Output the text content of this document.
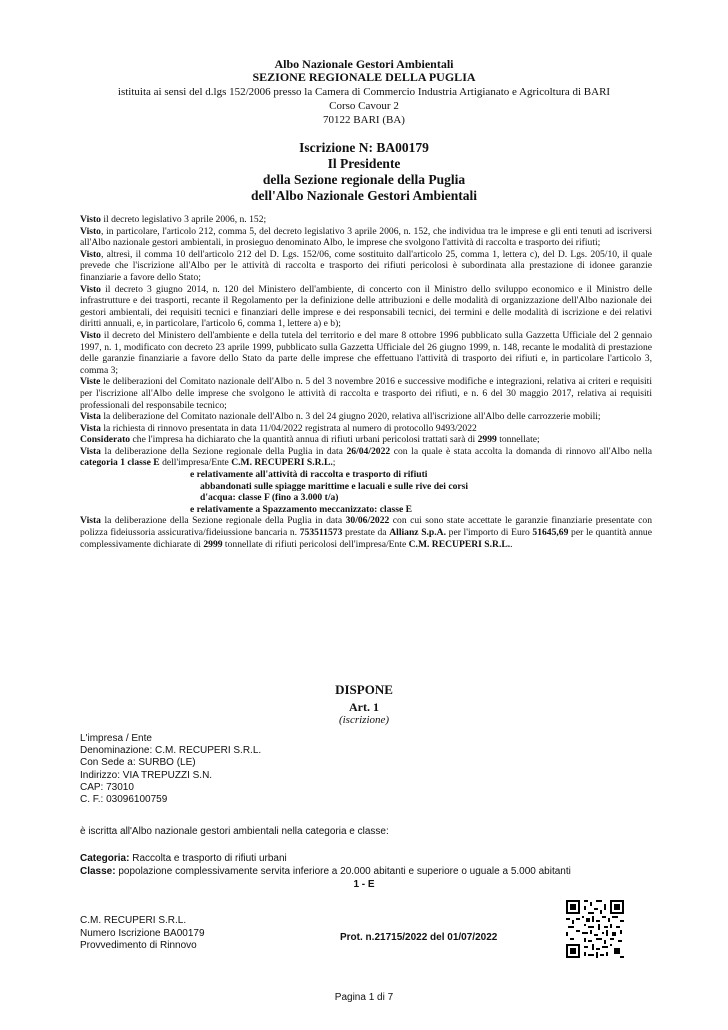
Albo Nazionale Gestori Ambientali
SEZIONE REGIONALE DELLA PUGLIA
istituita ai sensi del d.lgs 152/2006 presso la Camera di Commercio Industria Artigianato e Agricoltura di BARI
Corso Cavour 2
70122 BARI (BA)
Iscrizione N: BA00179
Il Presidente
della Sezione regionale della Puglia
dell'Albo Nazionale Gestori Ambientali

Visto il decreto legislativo 3 aprile 2006, n. 152;

Visto, in particolare, l'articolo 212, comma 5, del decreto legislativo 3 aprile 2006, n. 152, che individua tra le imprese e gli enti tenuti ad iscriversi all'Albo nazionale gestori ambientali, in prosieguo denominato Albo, le imprese che svolgono l'attività di raccolta e trasporto dei rifiuti;

Visto, altresì, il comma 10 dell'articolo 212 del D. Lgs. 152/06, come sostituito dall'articolo 25, comma 1, lettera c), del D. Lgs. 205/10, il quale prevede che l'iscrizione all'Albo per le attività di raccolta e trasporto dei rifiuti pericolosi è subordinata alla prestazione di idonee garanzie finanziarie a favore dello Stato;

Visto il decreto 3 giugno 2014, n. 120 del Ministero dell'ambiente, di concerto con il Ministro dello sviluppo economico e il Ministro delle infrastrutture e dei trasporti, recante il Regolamento per la definizione delle attribuzioni e delle modalità di organizzazione dell'Albo nazionale dei gestori ambientali, dei requisiti tecnici e finanziari delle imprese e dei responsabili tecnici, dei termini e delle modalità di iscrizione e dei relativi diritti annuali, e, in particolare, l'articolo 6, comma 1, lettere a) e b);

Visto il decreto del Ministero dell'ambiente e della tutela del territorio e del mare 8 ottobre 1996 pubblicato sulla Gazzetta Ufficiale del 2 gennaio 1997, n. 1, modificato con decreto 23 aprile 1999, pubblicato sulla Gazzetta Ufficiale del 26 giugno 1999, n. 148, recante le modalità di prestazione delle garanzie finanziarie a favore dello Stato da parte delle imprese che effettuano l'attività di trasporto dei rifiuti e, in particolare l'articolo 3, comma 3;

Viste le deliberazioni del Comitato nazionale dell'Albo n. 5 del 3 novembre 2016 e successive modifiche e integrazioni, relativa ai criteri e requisiti per l'iscrizione all'Albo delle imprese che svolgono le attività di raccolta e trasporto dei rifiuti, e n. 6 del 30 maggio 2017, relativa ai requisiti professionali del responsabile tecnico;

Vista la deliberazione del Comitato nazionale dell'Albo n. 3 del 24 giugno 2020, relativa all'iscrizione all'Albo delle carrozzerie mobili;

Vista la richiesta di rinnovo presentata in data 11/04/2022 registrata al numero di protocollo 9493/2022

Considerato che l'impresa ha dichiarato che la quantità annua di rifiuti urbani pericolosi trattati sarà di 2999 tonnellate;

Vista la deliberazione della Sezione regionale della Puglia in data 26/04/2022 con la quale è stata accolta la domanda di rinnovo all'Albo nella categoria 1 classe E dell'impresa/Ente C.M. RECUPERI S.R.L.;

e relativamente all'attività di raccolta e trasporto di rifiuti

abbandonati sulle spiagge marittime e lacuali e sulle rive dei corsi

d'acqua: classe F (fino a 3.000 t/a)

e relativamente a Spazzamento meccanizzato: classe E

Vista la deliberazione della Sezione regionale della Puglia in data 30/06/2022 con cui sono state accettate le garanzie finanziarie presentate con polizza fideiussoria assicurativa/fideiussione bancaria n. 753511573 prestate da Allianz S.p.A. per l'importo di Euro 51645,69 per le quantità annue complessivamente dichiarate di 2999 tonnellate di rifiuti pericolosi dell'impresa/Ente C.M. RECUPERI S.R.L..

DISPONE
Art. 1
(iscrizione)
L'impresa / Ente
Denominazione: C.M. RECUPERI S.R.L.
Con Sede a: SURBO (LE)
Indirizzo: VIA TREPUZZI S.N.
CAP: 73010
C. F.: 03096100759
è iscritta all'Albo nazionale gestori ambientali nella categoria e classe:
Categoria: Raccolta e trasporto di rifiuti urbani
Classe: popolazione complessivamente servita inferiore a 20.000 abitanti e superiore o uguale a 5.000 abitanti
1 - E
C.M. RECUPERI S.R.L.
Numero Iscrizione BA00179
Provvedimento di Rinnovo
Prot. n.21715/2022 del 01/07/2022
Pagina 1 di 7
